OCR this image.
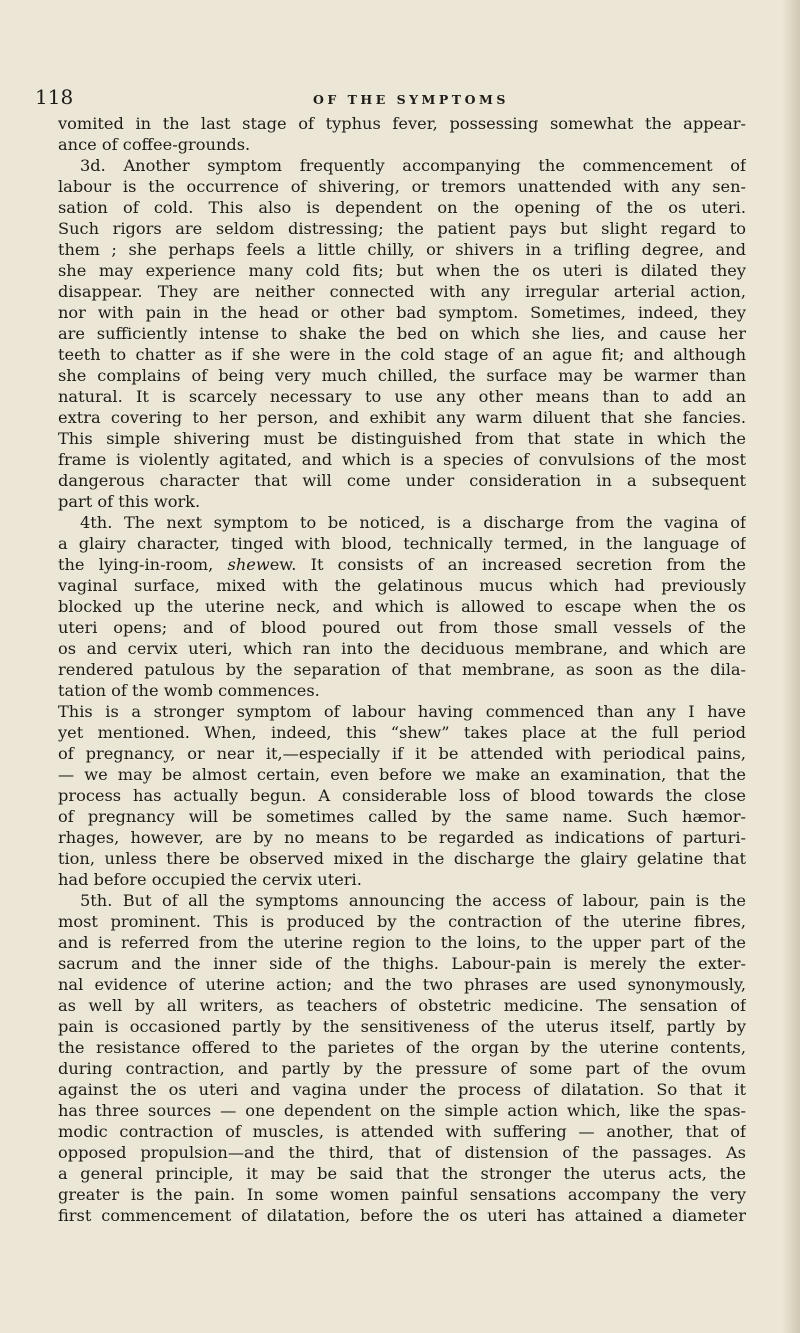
118	OF THE SYMPTOMS
vomited in the last stage of typhus fever, possessing somewhat the appear-
ance of coffee-grounds.
3d. Another symptom frequently accompanying the commencement of
labour is the occurrence of shivering, or tremors unattended with any sen-
sation of cold. This also is dependent on the opening of the os uteri.
Such rigors are seldom distressing; the patient pays but slight regard to
them ; she perhaps feels a little chilly, or shivers in a trifling degree, and
she may experience many cold fits; but when the os uteri is dilated they
disappear. They are neither connected with any irregular arterial action,
nor with pain in the head or other bad symptom. Sometimes, indeed, they
are sufficiently intense to shake the bed on which she lies, and cause her
teeth to chatter as if she were in the cold stage of an ague fit; and although
she complains of being very much chilled, the surface may be warmer than
natural. It is scarcely necessary to use any other means than to add an
extra covering to her person, and exhibit any warm diluent that she fancies.
This simple shivering must be distinguished from that state in which the
frame is violently agitated, and which is a species of convulsions of the most
dangerous character that will come under consideration in a subsequent
part of this work.
4th. The next symptom to be noticed, is a discharge from the vagina of
a glairy character, tinged with blood, technically termed, in the language of
the lying-in-room, shewew. It consists of an increased secretion from the
vaginal surface, mixed with the gelatinous mucus which had previously
blocked up the uterine neck, and which is allowed to escape when the os
uteri opens; and of blood poured out from those small vessels of the
os and cervix uteri, which ran into the deciduous membrane, and which are
rendered patulous by the separation of that membrane, as soon as the dila-
tation of the womb commences.
This is a stronger symptom of labour having commenced than any I have
yet mentioned. When, indeed, this “shew” takes place at the full period
of pregnancy, or near it,—especially if it be attended with periodical pains,
— we may be almost certain, even before we make an examination, that the
process has actually begun. A considerable loss of blood towards the close
of pregnancy will be sometimes called by the same name. Such hæmor-
rhages, however, are by no means to be regarded as indications of parturi-
tion, unless there be observed mixed in the discharge the glairy gelatine that
had before occupied the cervix uteri.
5th. But of all the symptoms announcing the access of labour, pain is the
most prominent. This is produced by the contraction of the uterine fibres,
and is referred from the uterine region to the loins, to the upper part of the
sacrum and the inner side of the thighs. Labour-pain is merely the exter-
nal evidence of uterine action; and the two phrases are used synonymously,
as well by all writers, as teachers of obstetric medicine. The sensation of
pain is occasioned partly by the sensitiveness of the uterus itself, partly by
the resistance offered to the parietes of the organ by the uterine contents,
during contraction, and partly by the pressure of some part of the ovum
against the os uteri and vagina under the process of dilatation. So that it
has three sources — one dependent on the simple action which, like the spas-
modic contraction of muscles, is attended with suffering — another, that of
opposed propulsion—and the third, that of distension of the passages. As
a general principle, it may be said that the stronger the uterus acts, the
greater is the pain. In some women painful sensations accompany the very
first commencement of dilatation, before the os uteri has attained a diameter
